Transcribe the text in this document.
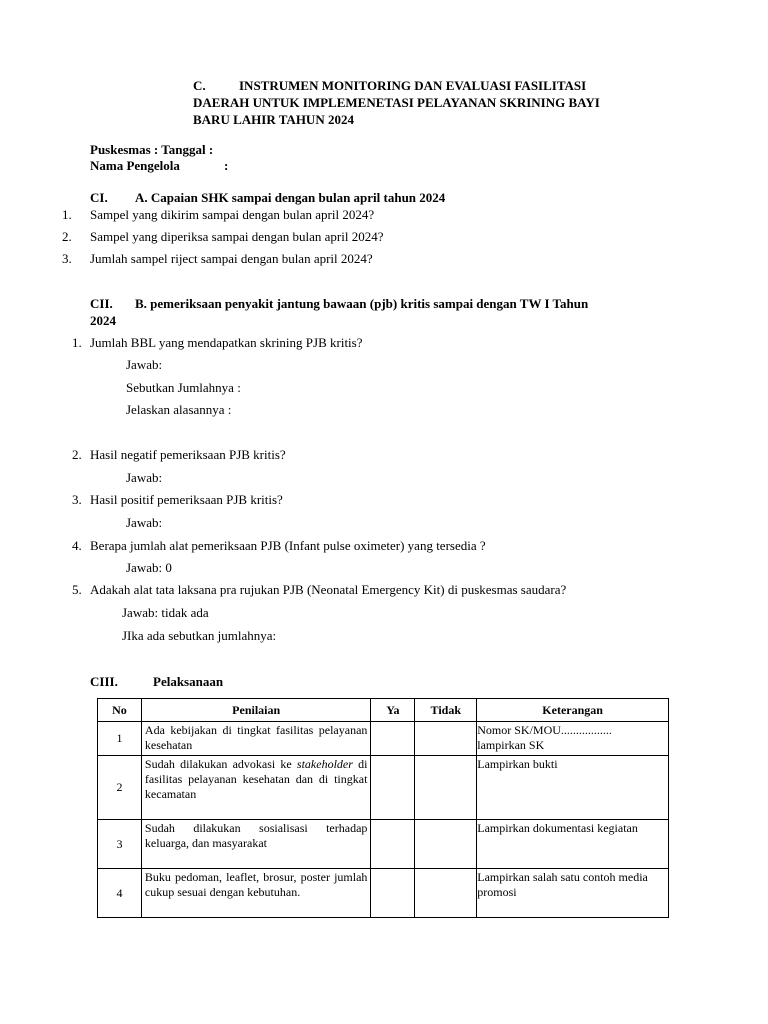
C.	INSTRUMEN MONITORING DAN EVALUASI FASILITASI
DAERAH UNTUK IMPLEMENETASI PELAYANAN SKRINING BAYI
BARU LAHIR TAHUN 2024
Puskesmas : Tanggal :
Nama Pengelola	:
CI. A. Capaian SHK sampai dengan bulan april tahun 2024
1. Sampel yang dikirim sampai dengan bulan april 2024?
2. Sampel yang diperiksa sampai dengan bulan april 2024?
3. Jumlah sampel riject sampai dengan bulan april 2024?
CII. B. pemeriksaan penyakit jantung bawaan (pjb) kritis sampai dengan TW I Tahun
2024
1. Jumlah BBL yang mendapatkan skrining PJB kritis?
Jawab:
Sebutkan Jumlahnya :
Jelaskan alasannya :
2. Hasil negatif pemeriksaan PJB kritis?
Jawab:
3. Hasil positif pemeriksaan PJB kritis?
Jawab:
4. Berapa jumlah alat pemeriksaan PJB (Infant pulse oximeter) yang tersedia ?
Jawab: 0
5. Adakah alat tata laksana pra rujukan PJB (Neonatal Emergency Kit) di puskesmas saudara?
Jawab: tidak ada
JIka ada sebutkan jumlahnya:
CIII.	Pelaksanaan
No	Penilaian	Ya	Tidak	Keterangan
1	Ada kebijakan di tingkat fasilitas pelayanan kesehatan			Nomor SK/MOU.................
lampirkan SK
2	Sudah dilakukan advokasi ke stakeholder di fasilitas pelayanan kesehatan dan di tingkat kecamatan			Lampirkan bukti
3	Sudah dilakukan sosialisasi terhadap keluarga, dan masyarakat			Lampirkan dokumentasi kegiatan
4	Buku pedoman, leaflet, brosur, poster jumlah cukup sesuai dengan kebutuhan.			Lampirkan salah satu contoh media promosi
